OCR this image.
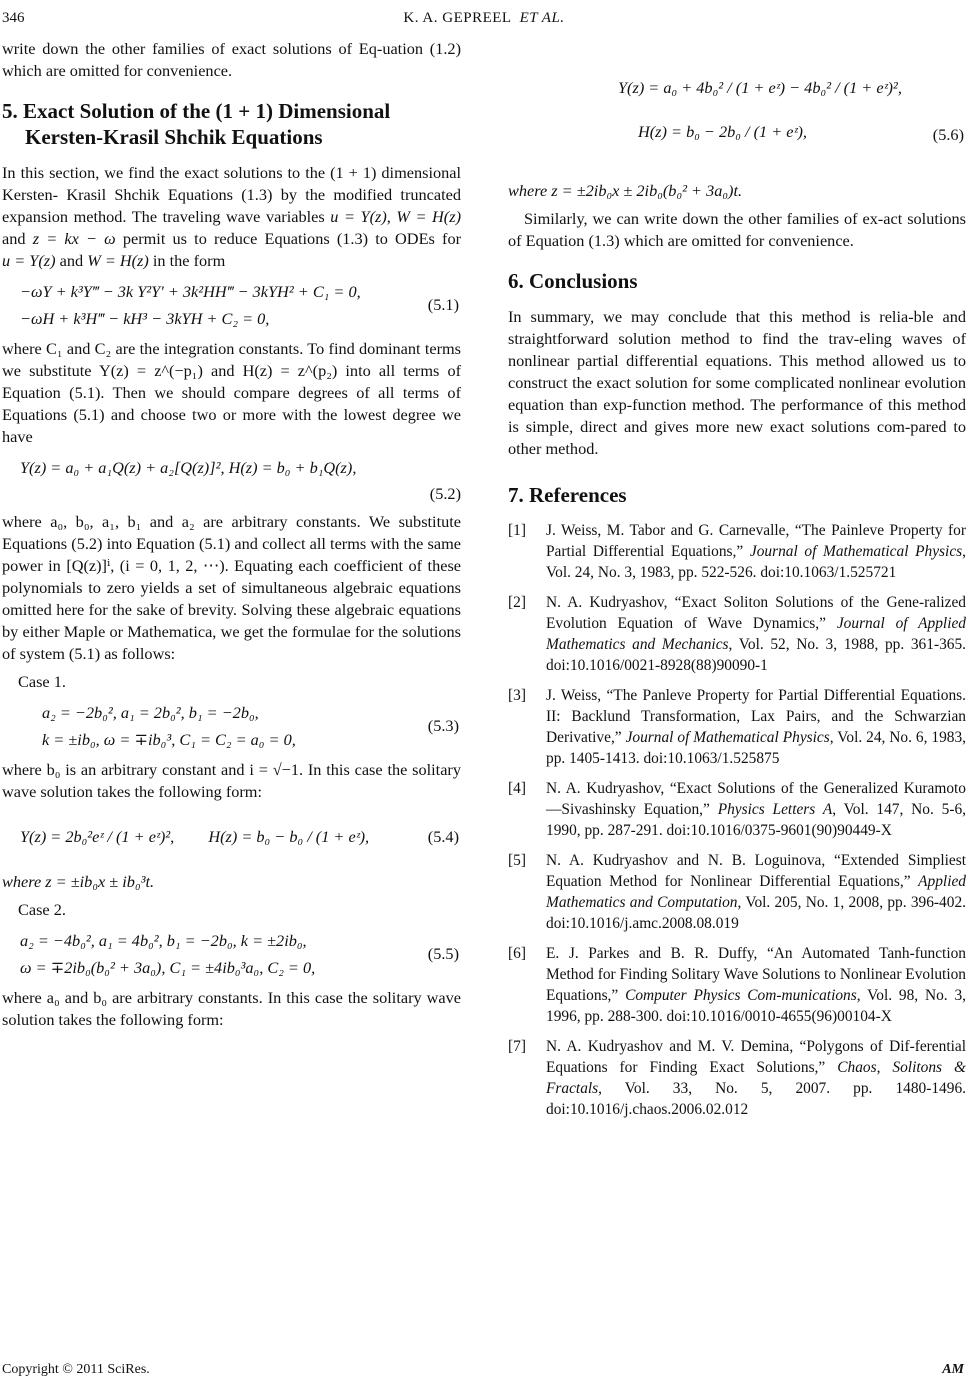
346	K. A. GEPREEL ET AL.

write down the other families of exact solutions of Eq-uation (1.2) which are omitted for convenience.

5. Exact Solution of the (1 + 1) Dimensional
Kersten-Krasil Shchik Equations

In this section, we find the exact solutions to the (1 + 1) dimensional Kersten- Krasil Shchik Equations (1.3) by the modified truncated expansion method. The traveling wave variables u = Y(z), W = H(z) and z = kx − ω permit us to reduce Equations (1.3) to ODEs for u = Y(z) and W = H(z) in the form

−ωY + k³Y‴ − 3k Y²Y′ + 3k²HH‴ − 3kYH² + C₁ = 0,
−ωH + k³H‴ − kH³ − 3kYH + C₂ = 0,
(5.1)

where C₁ and C₂ are the integration constants. To find dominant terms we substitute Y(z) = z^(−p₁) and H(z) = z^(p₂) into all terms of Equation (5.1). Then we should compare degrees of all terms of Equations (5.1) and choose two or more with the lowest degree we have

Y(z) = a₀ + a₁Q(z) + a₂[Q(z)]², H(z) = b₀ + b₁Q(z),
(5.2)

where a₀, b₀, a₁, b₁ and a₂ are arbitrary constants. We substitute Equations (5.2) into Equation (5.1) and collect all terms with the same power in [Q(z)]ⁱ, (i = 0, 1, 2, ⋯). Equating each coefficient of these polynomials to zero yields a set of simultaneous algebraic equations omitted here for the sake of brevity. Solving these algebraic equations by either Maple or Mathematica, we get the formulae for the solutions of system (5.1) as follows:

Case 1.
a₂ = −2b₀², a₁ = 2b₀², b₁ = −2b₀,
k = ±ib₀, ω = ∓ib₀³, C₁ = C₂ = a₀ = 0,
(5.3)

where b₀ is an arbitrary constant and i = √−1. In this case the solitary wave solution takes the following form:

Y(z) = 2b₀²eᶻ / (1 + eᶻ)², H(z) = b₀ − b₀ / (1 + eᶻ),	(5.4)

where z = ±ib₀x ± ib₀³t.

Case 2.
a₂ = −4b₀², a₁ = 4b₀², b₁ = −2b₀, k = ±2ib₀,
ω = ∓2ib₀(b₀² + 3a₀), C₁ = ±4ib₀³a₀, C₂ = 0,
(5.5)

where a₀ and b₀ are arbitrary constants. In this case the solitary wave solution takes the following form:

Y(z) = a₀ + 4b₀² / (1 + eᶻ) − 4b₀² / (1 + eᶻ)²,
H(z) = b₀ − 2b₀ / (1 + eᶻ),	(5.6)

where z = ±2ib₀x ± 2ib₀(b₀² + 3a₀)t.

Similarly, we can write down the other families of ex-act solutions of Equation (1.3) which are omitted for convenience.

6. Conclusions

In summary, we may conclude that this method is relia-ble and straightforward solution method to find the trav-eling waves of nonlinear partial differential equations. This method allowed us to construct the exact solution for some complicated nonlinear evolution equation than exp-function method. The performance of this method is simple, direct and gives more new exact solutions com-pared to other method.

7. References
[1]	J. Weiss, M. Tabor and G. Carnevalle, “The Painleve Property for Partial Differential Equations,” Journal of Mathematical Physics, Vol. 24, No. 3, 1983, pp. 522-526. doi:10.1063/1.525721
[2]	N. A. Kudryashov, “Exact Soliton Solutions of the Gene-ralized Evolution Equation of Wave Dynamics,” Journal of Applied Mathematics and Mechanics, Vol. 52, No. 3, 1988, pp. 361-365. doi:10.1016/0021-8928(88)90090-1
[3]	J. Weiss, “The Panleve Property for Partial Differential Equations. II: Backlund Transformation, Lax Pairs, and the Schwarzian Derivative,” Journal of Mathematical Physics, Vol. 24, No. 6, 1983, pp. 1405-1413. doi:10.1063/1.525875
[4]	N. A. Kudryashov, “Exact Solutions of the Generalized Kuramoto—Sivashinsky Equation,” Physics Letters A, Vol. 147, No. 5-6, 1990, pp. 287-291. doi:10.1016/0375-9601(90)90449-X
[5]	N. A. Kudryashov and N. B. Loguinova, “Extended Simpliest Equation Method for Nonlinear Differential Equations,” Applied Mathematics and Computation, Vol. 205, No. 1, 2008, pp. 396-402. doi:10.1016/j.amc.2008.08.019
[6]	E. J. Parkes and B. R. Duffy, “An Automated Tanh-function Method for Finding Solitary Wave Solutions to Nonlinear Evolution Equations,” Computer Physics Com-munications, Vol. 98, No. 3, 1996, pp. 288-300. doi:10.1016/0010-4655(96)00104-X
[7]	N. A. Kudryashov and M. V. Demina, “Polygons of Dif-ferential Equations for Finding Exact Solutions,” Chaos, Solitons & Fractals, Vol. 33, No. 5, 2007. pp. 1480-1496. doi:10.1016/j.chaos.2006.02.012
Copyright © 2011 SciRes.	AM
